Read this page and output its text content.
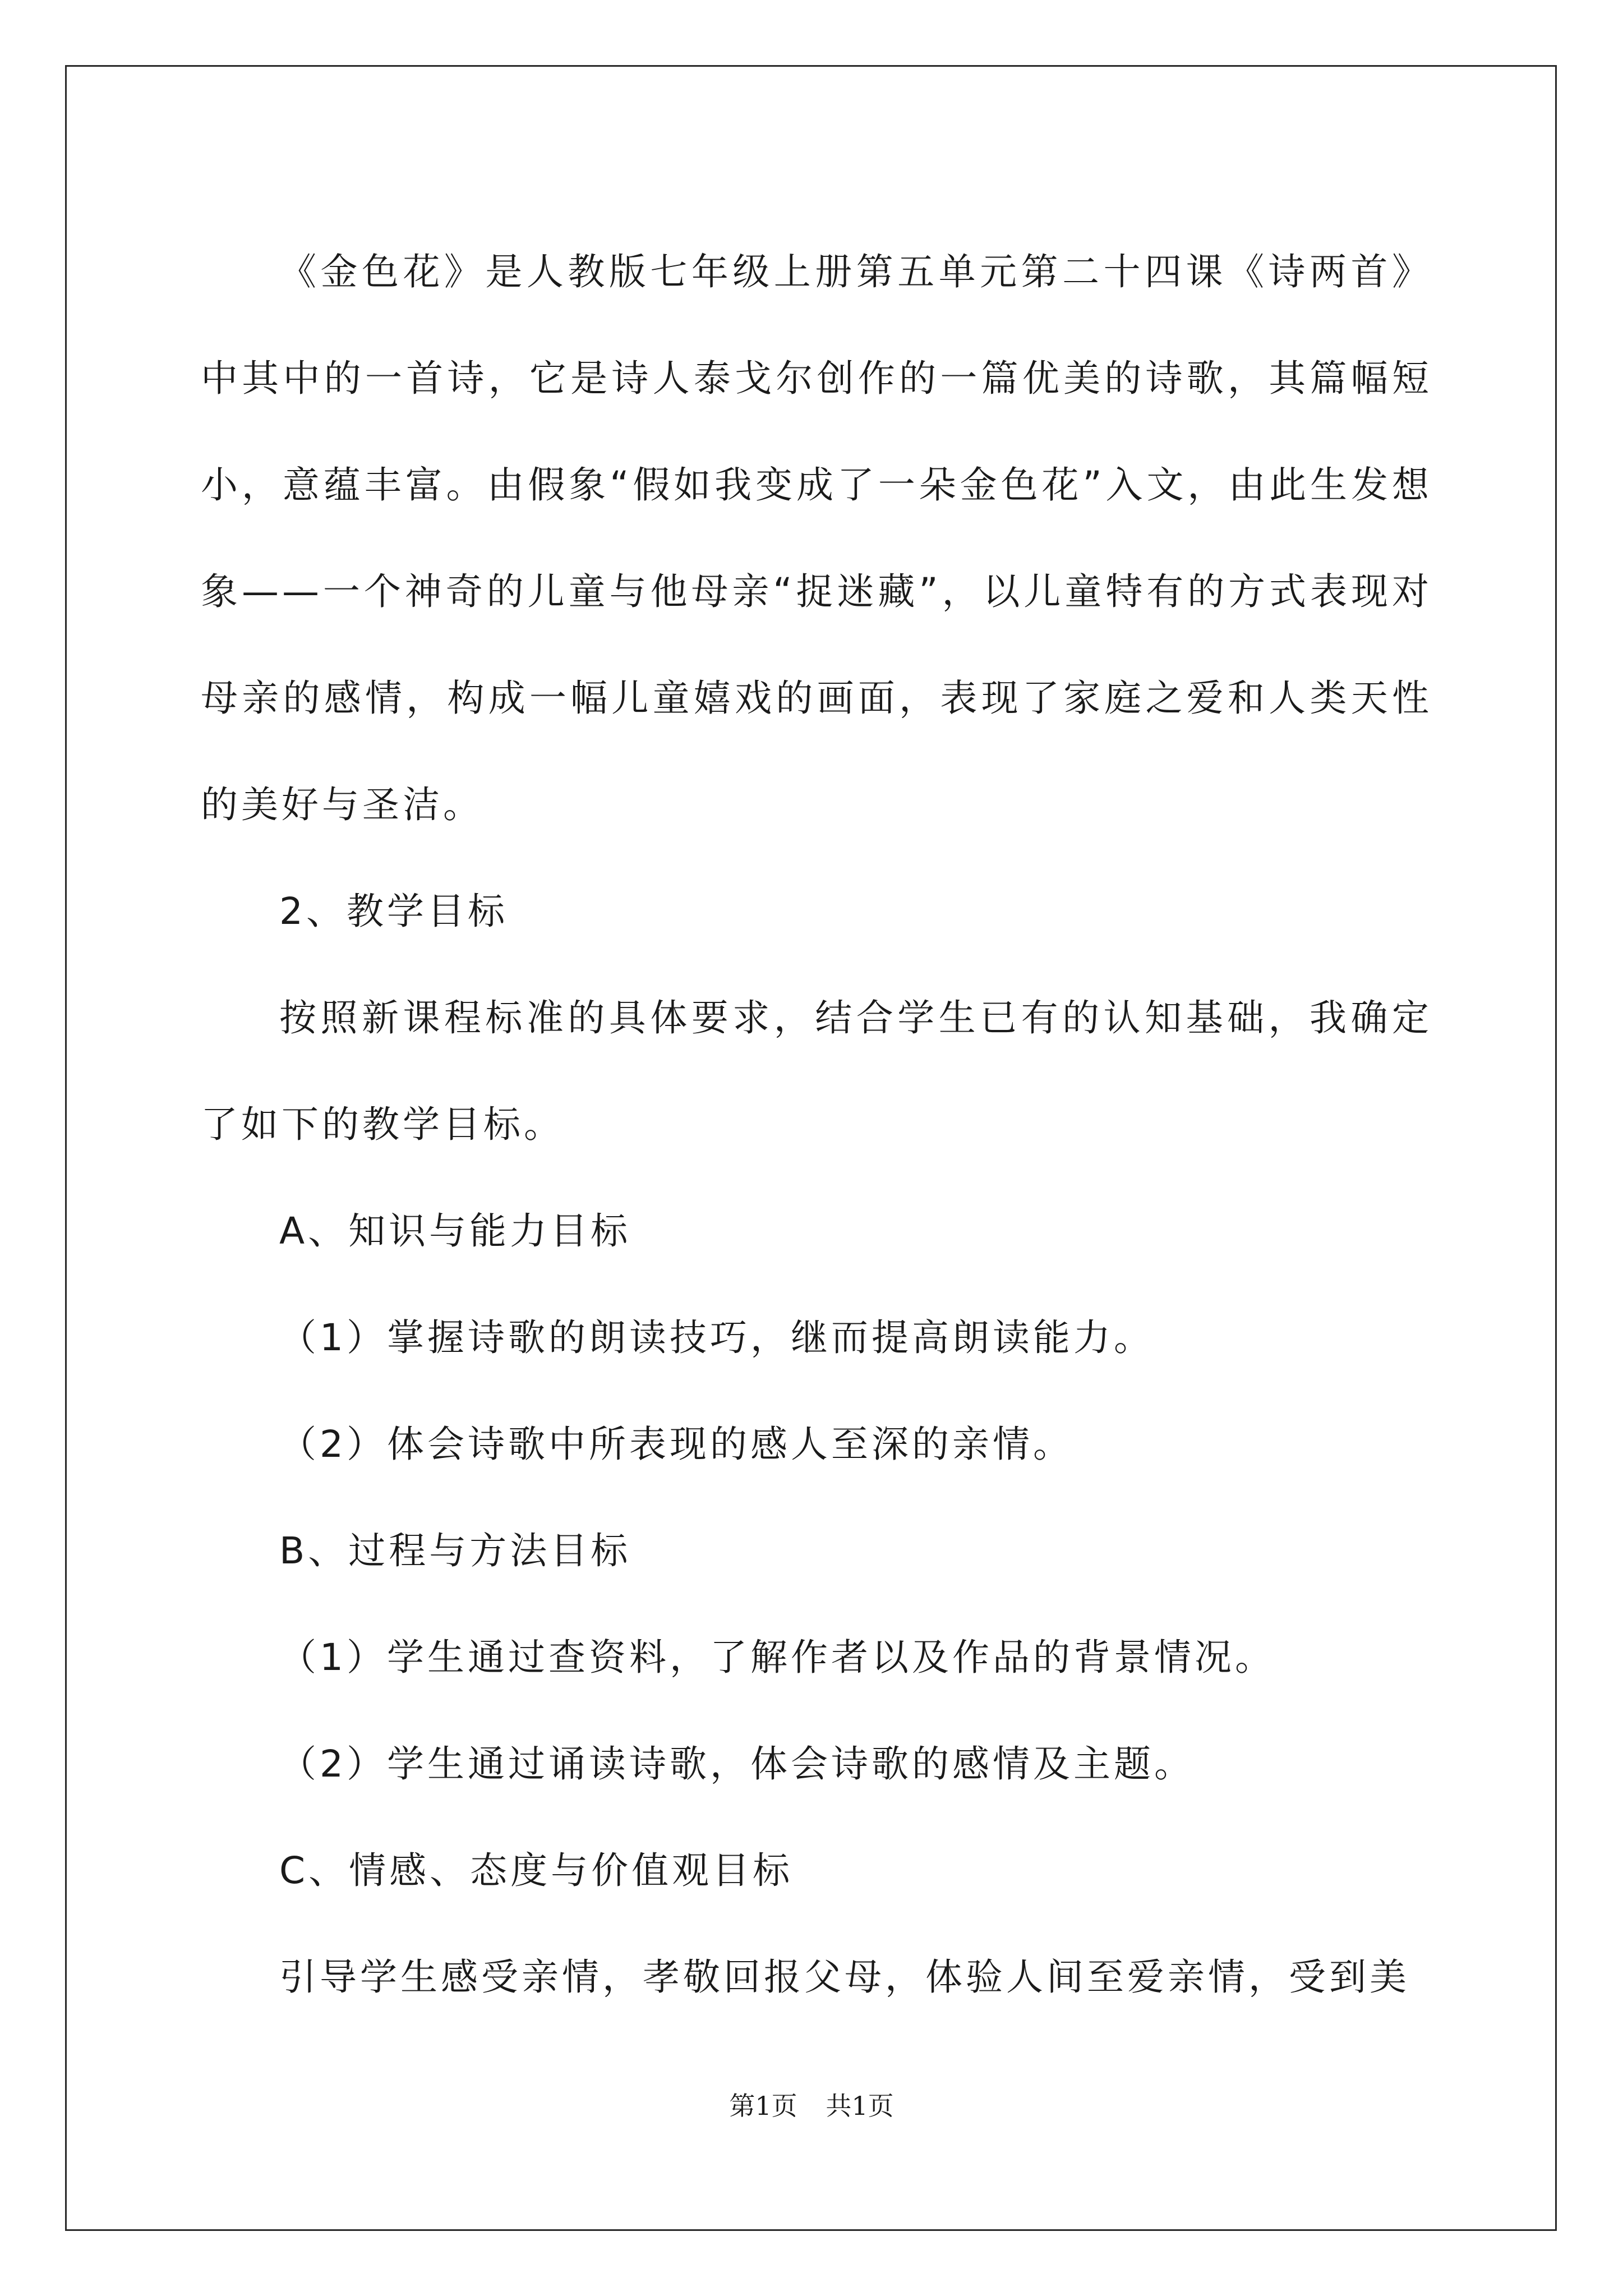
《金色花》是人教版七年级上册第五单元第二十四课《诗两首》中其中的一首诗，它是诗人泰戈尔创作的一篇优美的诗歌，其篇幅短小，意蕴丰富。由假象“假如我变成了一朵金色花”入文，由此生发想象——一个神奇的儿童与他母亲“捉迷藏”，以儿童特有的方式表现对母亲的感情，构成一幅儿童嬉戏的画面，表现了家庭之爱和人类天性的美好与圣洁。

2、教学目标

按照新课程标准的具体要求，结合学生已有的认知基础，我确定了如下的教学目标。

A、知识与能力目标

（1）掌握诗歌的朗读技巧，继而提高朗读能力。

（2）体会诗歌中所表现的感人至深的亲情。

B、过程与方法目标

（1）学生通过查资料，了解作者以及作品的背景情况。

（2）学生通过诵读诗歌，体会诗歌的感情及主题。

C、情感、态度与价值观目标

引导学生感受亲情，孝敬回报父母，体验人间至爱亲情，受到美

第1页 共1页
